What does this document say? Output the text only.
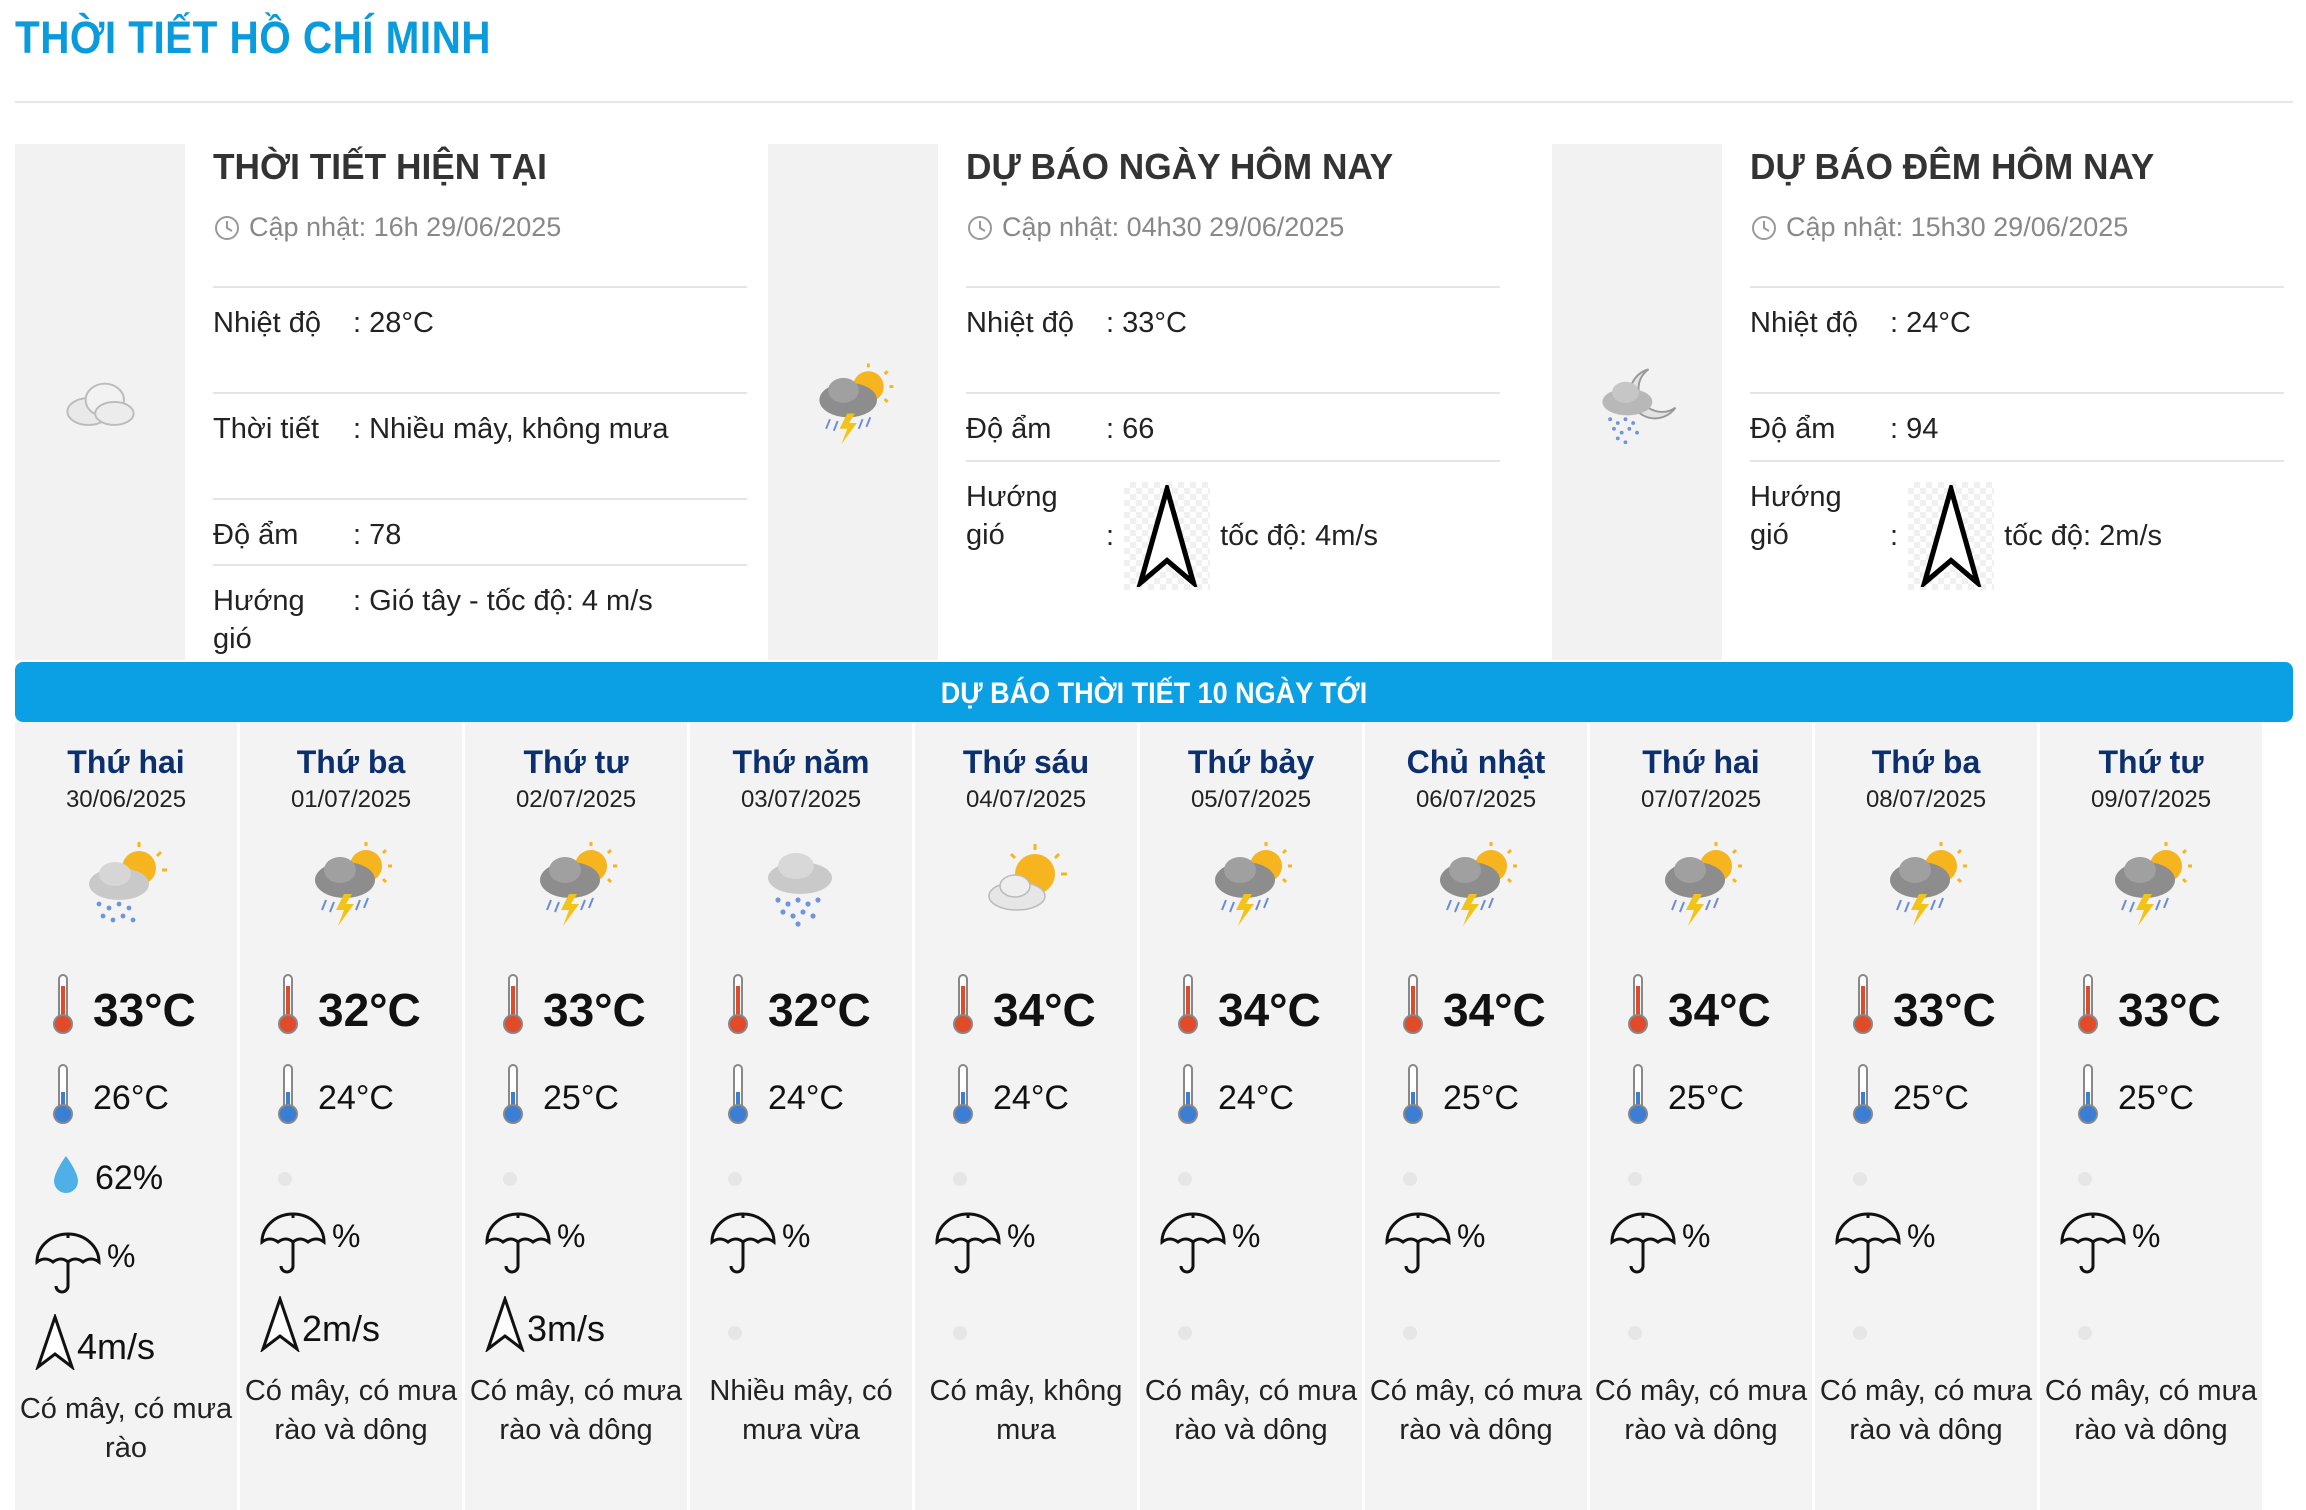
THỜI TIẾT HỒ CHÍ MINH
THỜI TIẾT HIỆN TẠI
Cập nhật: 16h 29/06/2025
Nhiệt độ	: 28°C
Thời tiết	: Nhiều mây, không mưa
Độ ẩm	: 78
Hướng gió
: Gió tây - tốc độ: 4 m/s
DỰ BÁO NGÀY HÔM NAY
Cập nhật: 04h30 29/06/2025
Nhiệt độ	: 33°C
Độ ẩm	: 66
Hướng gió	:	tốc độ: 4m/s
DỰ BÁO ĐÊM HÔM NAY
Cập nhật: 15h30 29/06/2025
Nhiệt độ	: 24°C
Độ ẩm	: 94
Hướng gió	:	tốc độ: 2m/s
DỰ BÁO THỜI TIẾT 10 NGÀY TỚI
Thứ hai
30/06/2025
33°C
26°C
62%
%
4m/s
Có mây, có mưa rào
Thứ ba
01/07/2025
32°C
24°C
%
2m/s
Có mây, có mưa rào và dông
Thứ tư
02/07/2025
33°C
25°C
%
3m/s
Có mây, có mưa rào và dông
Thứ năm
03/07/2025
32°C
24°C
%
Nhiều mây, có mưa vừa
Thứ sáu
04/07/2025
34°C
24°C
%
Có mây, không mưa
Thứ bảy
05/07/2025
34°C
24°C
%
Có mây, có mưa rào và dông
Chủ nhật
06/07/2025
34°C
25°C
%
Có mây, có mưa rào và dông
Thứ hai
07/07/2025
34°C
25°C
%
Có mây, có mưa rào và dông
Thứ ba
08/07/2025
33°C
25°C
%
Có mây, có mưa rào và dông
Thứ tư
09/07/2025
33°C
25°C
%
Có mây, có mưa rào và dông
